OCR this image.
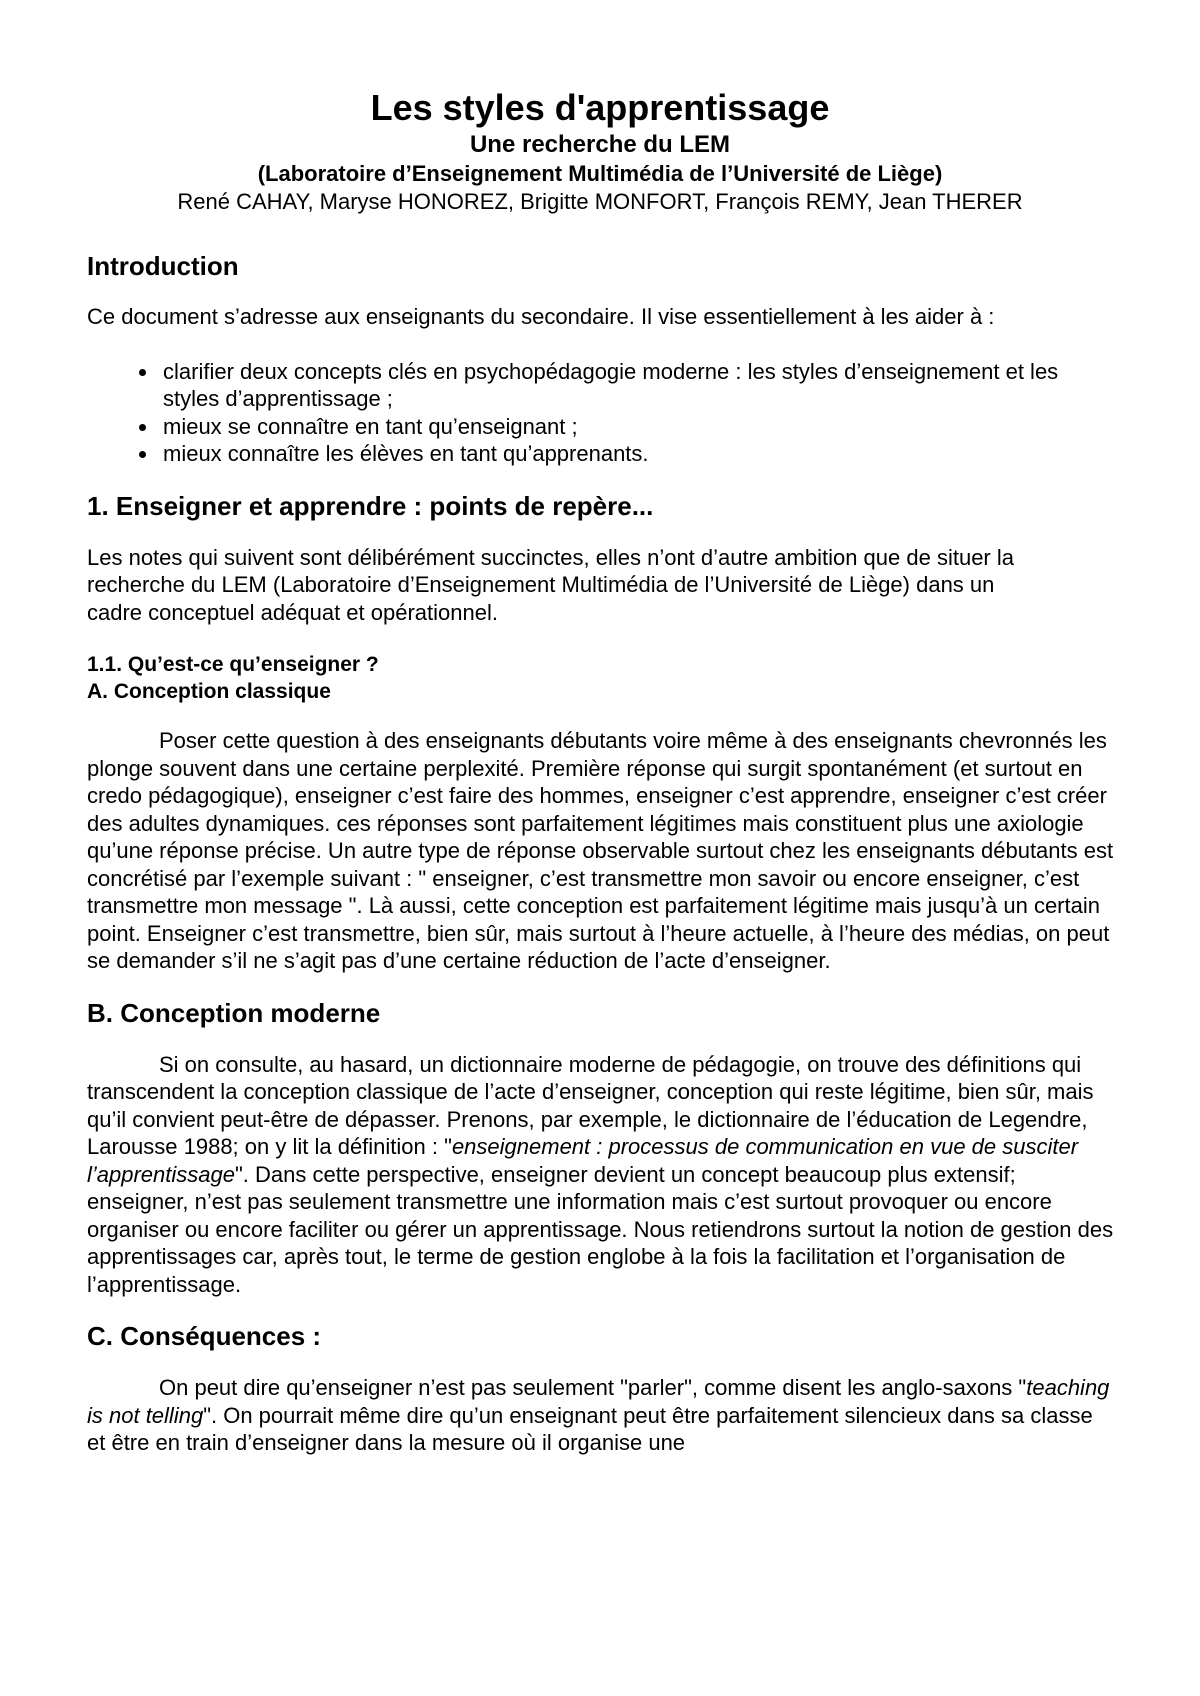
Les styles d'apprentissage
Une recherche du LEM
(Laboratoire d’Enseignement Multimédia de l’Université de Liège)
René CAHAY, Maryse HONOREZ, Brigitte MONFORT, François REMY, Jean THERER
Introduction

Ce document s’adresse aux enseignants du secondaire. Il vise essentiellement à les aider à :

• clarifier deux concepts clés en psychopédagogie moderne : les styles d’enseignement et les styles d’apprentissage ;
• mieux se connaître en tant qu’enseignant ;
• mieux connaître les élèves en tant qu’apprenants.
1. Enseigner et apprendre : points de repère...

Les notes qui suivent sont délibérément succinctes, elles n’ont d’autre ambition que de situer la recherche du LEM (Laboratoire d’Enseignement Multimédia de l’Université de Liège) dans un cadre conceptuel adéquat et opérationnel.

1.1. Qu’est-ce qu’enseigner ?
A. Conception classique

Poser cette question à des enseignants débutants voire même à des enseignants chevronnés les plonge souvent dans une certaine perplexité. Première réponse qui surgit spontanément (et surtout en credo pédagogique), enseigner c’est faire des hommes, enseigner c’est apprendre, enseigner c’est créer des adultes dynamiques. ces réponses sont parfaitement légitimes mais constituent plus une axiologie qu’une réponse précise. Un autre type de réponse observable surtout chez les enseignants débutants est concrétisé par l’exemple suivant : " enseigner, c’est transmettre mon savoir ou encore enseigner, c’est transmettre mon message ". Là aussi, cette conception est parfaitement légitime mais jusqu’à un certain point. Enseigner c’est transmettre, bien sûr, mais surtout à l’heure actuelle, à l’heure des médias, on peut se demander s’il ne s’agit pas d’une certaine réduction de l’acte d’enseigner.

B. Conception moderne

Si on consulte, au hasard, un dictionnaire moderne de pédagogie, on trouve des définitions qui transcendent la conception classique de l’acte d’enseigner, conception qui reste légitime, bien sûr, mais qu’il convient peut-être de dépasser. Prenons, par exemple, le dictionnaire de l’éducation de Legendre, Larousse 1988; on y lit la définition : "enseignement : processus de communication en vue de susciter l’apprentissage". Dans cette perspective, enseigner devient un concept beaucoup plus extensif; enseigner, n’est pas seulement transmettre une information mais c’est surtout provoquer ou encore organiser ou encore faciliter ou gérer un apprentissage. Nous retiendrons surtout la notion de gestion des apprentissages car, après tout, le terme de gestion englobe à la fois la facilitation et l’organisation de l’apprentissage.

C. Conséquences :

On peut dire qu’enseigner n’est pas seulement "parler", comme disent les anglo-saxons "teaching is not telling". On pourrait même dire qu’un enseignant peut être parfaitement silencieux dans sa classe et être en train d’enseigner dans la mesure où il organise une
